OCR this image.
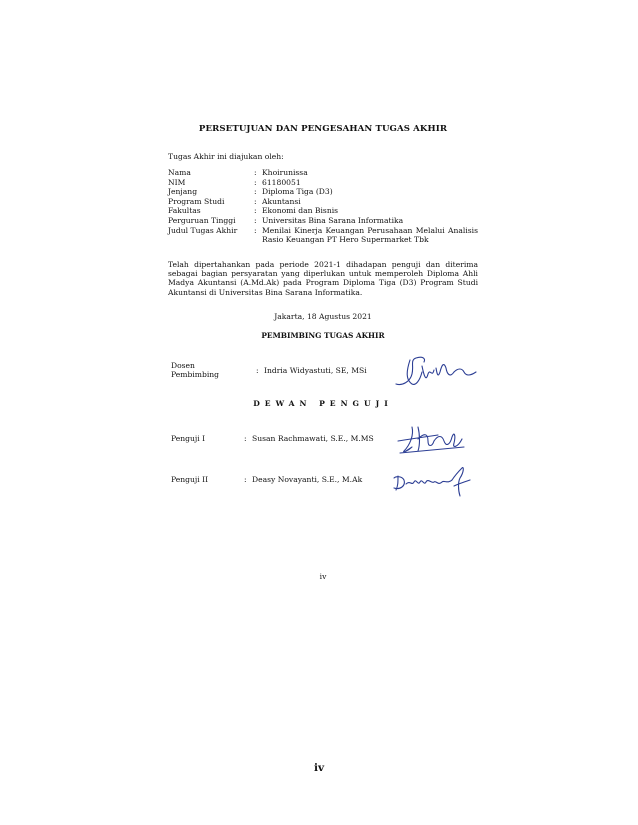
PERSETUJUAN DAN PENGESAHAN TUGAS AKHIR
Tugas Akhir ini diajukan oleh:
Nama	: Khoirunissa
NIM	: 61180051
Jenjang	: Diploma Tiga (D3)
Program Studi	: Akuntansi
Fakultas	: Ekonomi dan Bisnis
Perguruan Tinggi	: Universitas Bina Sarana Informatika
Judul Tugas Akhir	: Menilai Kinerja Keuangan Perusahaan Melalui Analisis Rasio Keuangan PT Hero Supermarket Tbk
Telah dipertahankan pada periode 2021-1 dihadapan penguji dan diterima sebagai bagian persyaratan yang diperlukan untuk memperoleh Diploma Ahli Madya Akuntansi (A.Md.Ak) pada Program Diploma Tiga (D3) Program Studi Akuntansi di Universitas Bina Sarana Informatika.
Jakarta, 18 Agustus 2021
PEMBIMBING TUGAS AKHIR
Dosen
Pembimbing	: Indria Widyastuti, SE, MSi
DEWAN PENGUJI
Penguji I	: Susan Rachmawati, S.E., M.MS
Penguji II	: Deasy Novayanti, S.E., M.Ak
iv
iv
